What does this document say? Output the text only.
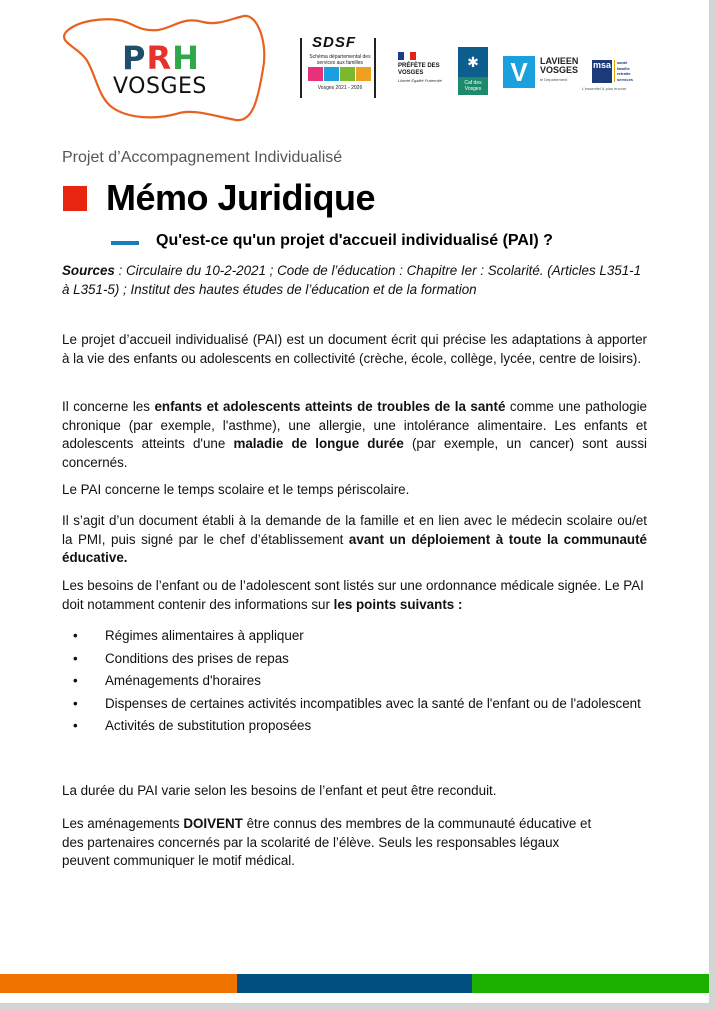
PRH
VOSGES
SDSF
Schéma départemental des services aux familles
Vosges 2021 - 2026
PRÉFÈTE DES VOSGES
Liberté Égalité Fraternité
✱
Caf des Vosges
V	LAVIEEN
VOSGES
le Département
msa santé
famille
retraite
services
L'essentiel & plus encore
Projet d’Accompagnement Individualisé
Mémo Juridique
Qu'est-ce qu'un projet d'accueil individualisé (PAI) ?

Sources : Circulaire du 10-2-2021 ; Code de l’éducation : Chapitre Ier : Scolarité. (Articles L351-1 à L351-5) ; Institut des hautes études de l’éducation et de la formation

Le projet d’accueil individualisé (PAI) est un document écrit qui précise les adaptations à apporter à la vie des enfants ou adolescents en collectivité (crèche, école, collège, lycée, centre de loisirs).

Il concerne les enfants et adolescents atteints de troubles de la santé comme une pathologie chronique (par exemple, l'asthme), une allergie, une intolérance alimentaire. Les enfants et adolescents atteints d'une maladie de longue durée (par exemple, un cancer) sont aussi concernés.

Le PAI concerne le temps scolaire et le temps périscolaire.

Il s’agit d’un document établi à la demande de la famille et en lien avec le médecin scolaire ou/et la PMI, puis signé par le chef d’établissement avant un déploiement à toute la communauté éducative.

Les besoins de l’enfant ou de l’adolescent sont listés sur une ordonnance médicale signée. Le PAI doit notamment contenir des informations sur les points suivants :

• Régimes alimentaires à appliquer
• Conditions des prises de repas
• Aménagements d'horaires
• Dispenses de certaines activités incompatibles avec la santé de l'enfant ou de l'adolescent
• Activités de substitution proposées

La durée du PAI varie selon les besoins de l’enfant et peut être reconduit.

Les aménagements DOIVENT être connus des membres de la communauté éducative et des partenaires concernés par la scolarité de l’élève. Seuls les responsables légaux peuvent communiquer le motif médical.
